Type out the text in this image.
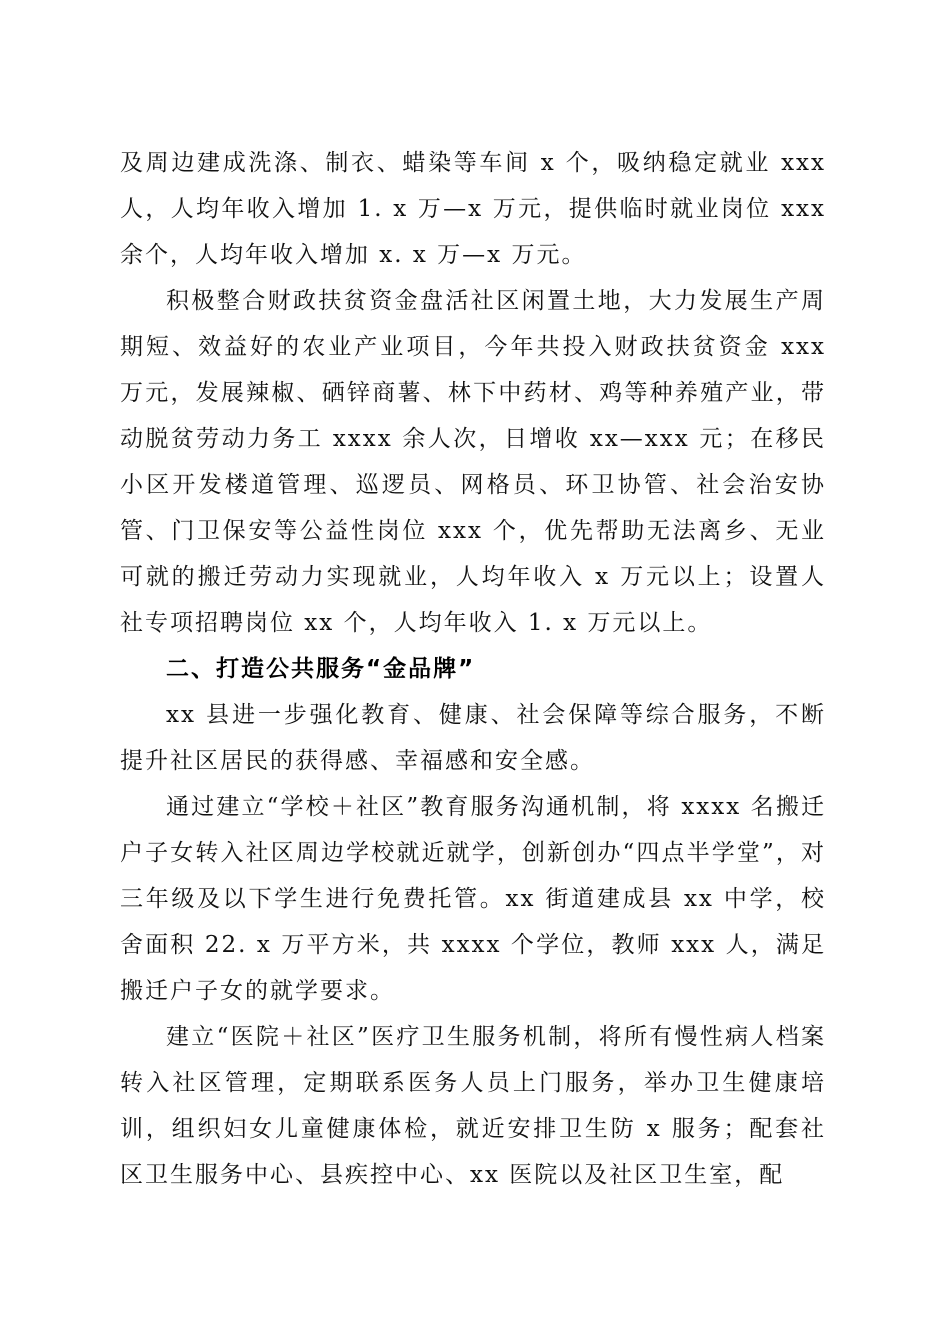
及周边建成洗涤、制衣、蜡染等车间 x 个，吸纳稳定就业 xxx 人，人均年收入增加 1. x 万—x 万元，提供临时就业岗位 xxx 余个，人均年收入增加 x. x 万—x 万元。

积极整合财政扶贫资金盘活社区闲置土地，大力发展生产周期短、效益好的农业产业项目，今年共投入财政扶贫资金 xxx 万元，发展辣椒、硒锌商薯、林下中药材、鸡等种养殖产业，带动脱贫劳动力务工 xxxx 余人次，日增收 xx—xxx 元；在移民小区开发楼道管理、巡逻员、网格员、环卫协管、社会治安协管、门卫保安等公益性岗位 xxx 个，优先帮助无法离乡、无业可就的搬迁劳动力实现就业，人均年收入 x 万元以上；设置人社专项招聘岗位 xx 个，人均年收入 1. x 万元以上。

二、打造公共服务“金品牌”

xx 县进一步强化教育、健康、社会保障等综合服务，不断提升社区居民的获得感、幸福感和安全感。

通过建立“学校＋社区”教育服务沟通机制，将 xxxx 名搬迁户子女转入社区周边学校就近就学，创新创办“四点半学堂”，对三年级及以下学生进行免费托管。xx 街道建成县 xx 中学，校舍面积 22. x 万平方米，共 xxxx 个学位，教师 xxx 人，满足搬迁户子女的就学要求。

建立“医院＋社区”医疗卫生服务机制，将所有慢性病人档案转入社区管理，定期联系医务人员上门服务，举办卫生健康培训，组织妇女儿童健康体检，就近安排卫生防 x 服务；配套社区卫生服务中心、县疾控中心、xx 医院以及社区卫生室，配
